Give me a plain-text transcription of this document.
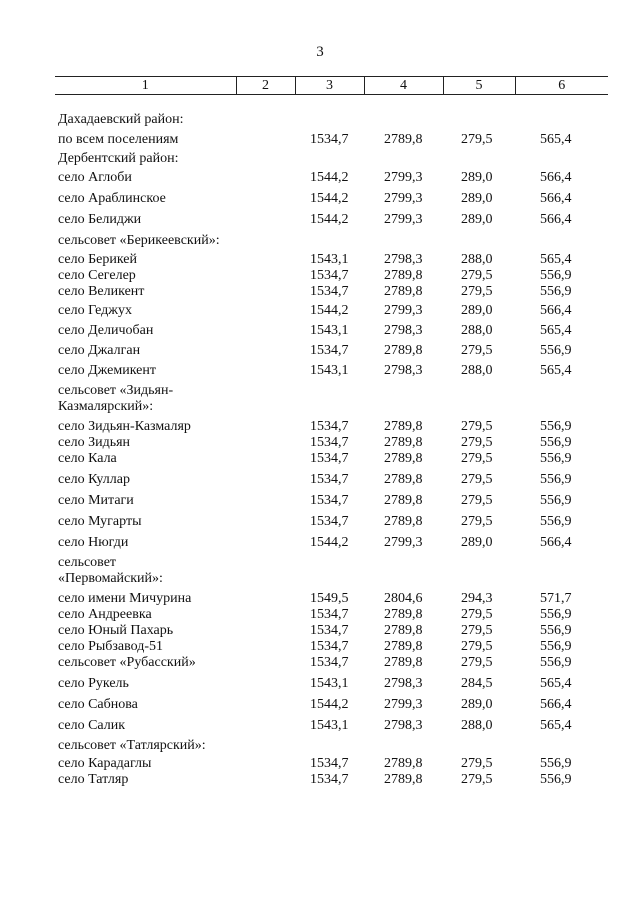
3
1	2	3	4	5	6
Дахадаевский район:
по всем поселениям	1534,7	2789,8	279,5	565,4
Дербентский район:
село Аглоби	1544,2	2799,3	289,0	566,4
село Араблинское	1544,2	2799,3	289,0	566,4
село Белиджи	1544,2	2799,3	289,0	566,4
сельсовет «Берикеевский»:
село Берикей	1543,1	2798,3	288,0	565,4
село Сегелер	1534,7	2789,8	279,5	556,9
село Великент	1534,7	2789,8	279,5	556,9
село Геджух	1544,2	2799,3	289,0	566,4
село Деличобан	1543,1	2798,3	288,0	565,4
село Джалган	1534,7	2789,8	279,5	556,9
село Джемикент	1543,1	2798,3	288,0	565,4
сельсовет «Зидьян-
Казмалярский»:
село Зидьян-Казмаляр	1534,7	2789,8	279,5	556,9
село Зидьян	1534,7	2789,8	279,5	556,9
село Кала	1534,7	2789,8	279,5	556,9
село Куллар	1534,7	2789,8	279,5	556,9
село Митаги	1534,7	2789,8	279,5	556,9
село Мугарты	1534,7	2789,8	279,5	556,9
село Нюгди	1544,2	2799,3	289,0	566,4
сельсовет
«Первомайский»:
село имени Мичурина	1549,5	2804,6	294,3	571,7
село Андреевка	1534,7	2789,8	279,5	556,9
село Юный Пахарь	1534,7	2789,8	279,5	556,9
село Рыбзавод-51	1534,7	2789,8	279,5	556,9
сельсовет «Рубасский»	1534,7	2789,8	279,5	556,9
село Рукель	1543,1	2798,3	284,5	565,4
село Сабнова	1544,2	2799,3	289,0	566,4
село Салик	1543,1	2798,3	288,0	565,4
сельсовет «Татлярский»:
село Карадаглы	1534,7	2789,8	279,5	556,9
село Татляр	1534,7	2789,8	279,5	556,9
